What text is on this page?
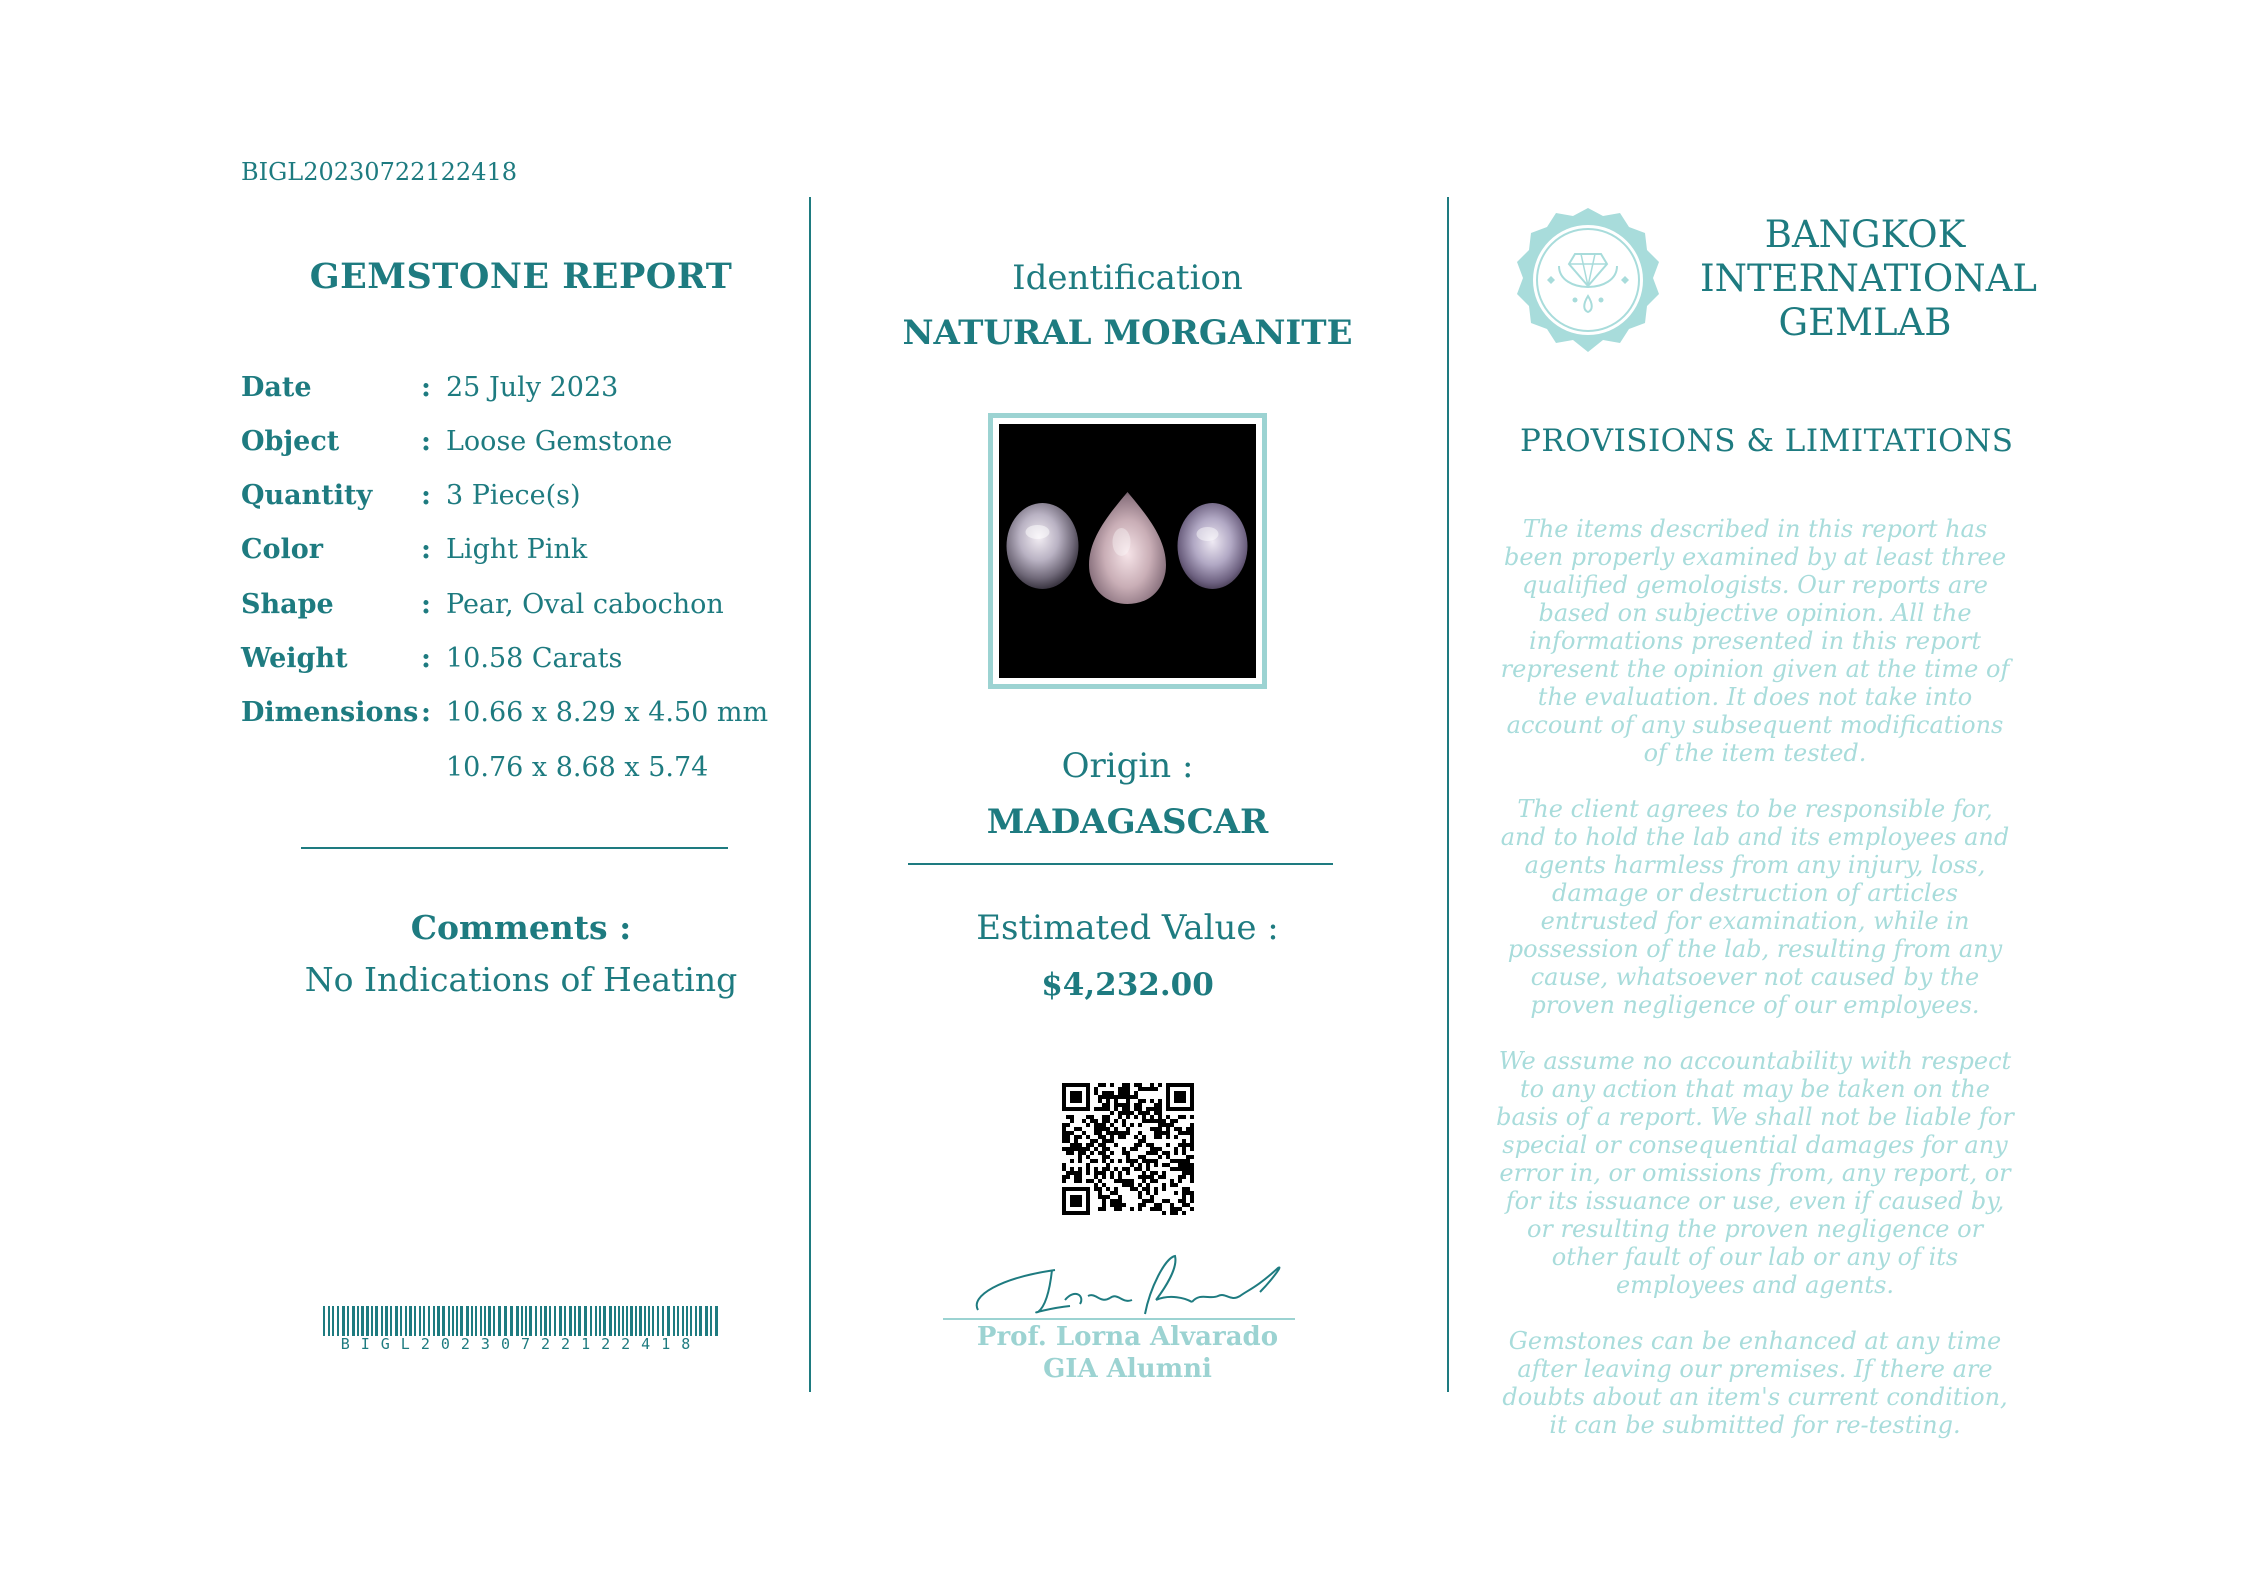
BIGL20230722122418
GEMSTONE REPORT
Date	: 25 July 2023
Object	: Loose Gemstone
Quantity : 3 Piece(s)
Color	: Light Pink
Shape	: Pear, Oval cabochon
Weight	: 10.58 Carats
Dimensions : 10.66 x 8.29 x 4.50 mm
10.76 x 8.68 x 5.74
Comments :
No Indications of Heating
BIGL20230722122418
Identification
NATURAL MORGANITE
Origin :
MADAGASCAR
Estimated Value :
$4,232.00
Prof. Lorna Alvarado
GIA Alumni
BANGKOK
INTERNATIONAL
GEMLAB
PROVISIONS & LIMITATIONS

The items described in this report has been properly examined by at least three qualified gemologists. Our reports are based on subjective opinion. All the informations presented in this report represent the opinion given at the time of the evaluation. It does not take into account of any subsequent modifications of the item tested.

The client agrees to be responsible for, and to hold the lab and its employees and agents harmless from any injury, loss, damage or destruction of articles entrusted for examination, while in possession of the lab, resulting from any cause, whatsoever not caused by the proven negligence of our employees.

We assume no accountability with respect to any action that may be taken on the basis of a report. We shall not be liable for special or consequential damages for any error in, or omissions from, any report, or for its issuance or use, even if caused by, or resulting the proven negligence or other fault of our lab or any of its employees and agents.

Gemstones can be enhanced at any time after leaving our premises. If there are doubts about an item's current condition, it can be submitted for re-testing.
